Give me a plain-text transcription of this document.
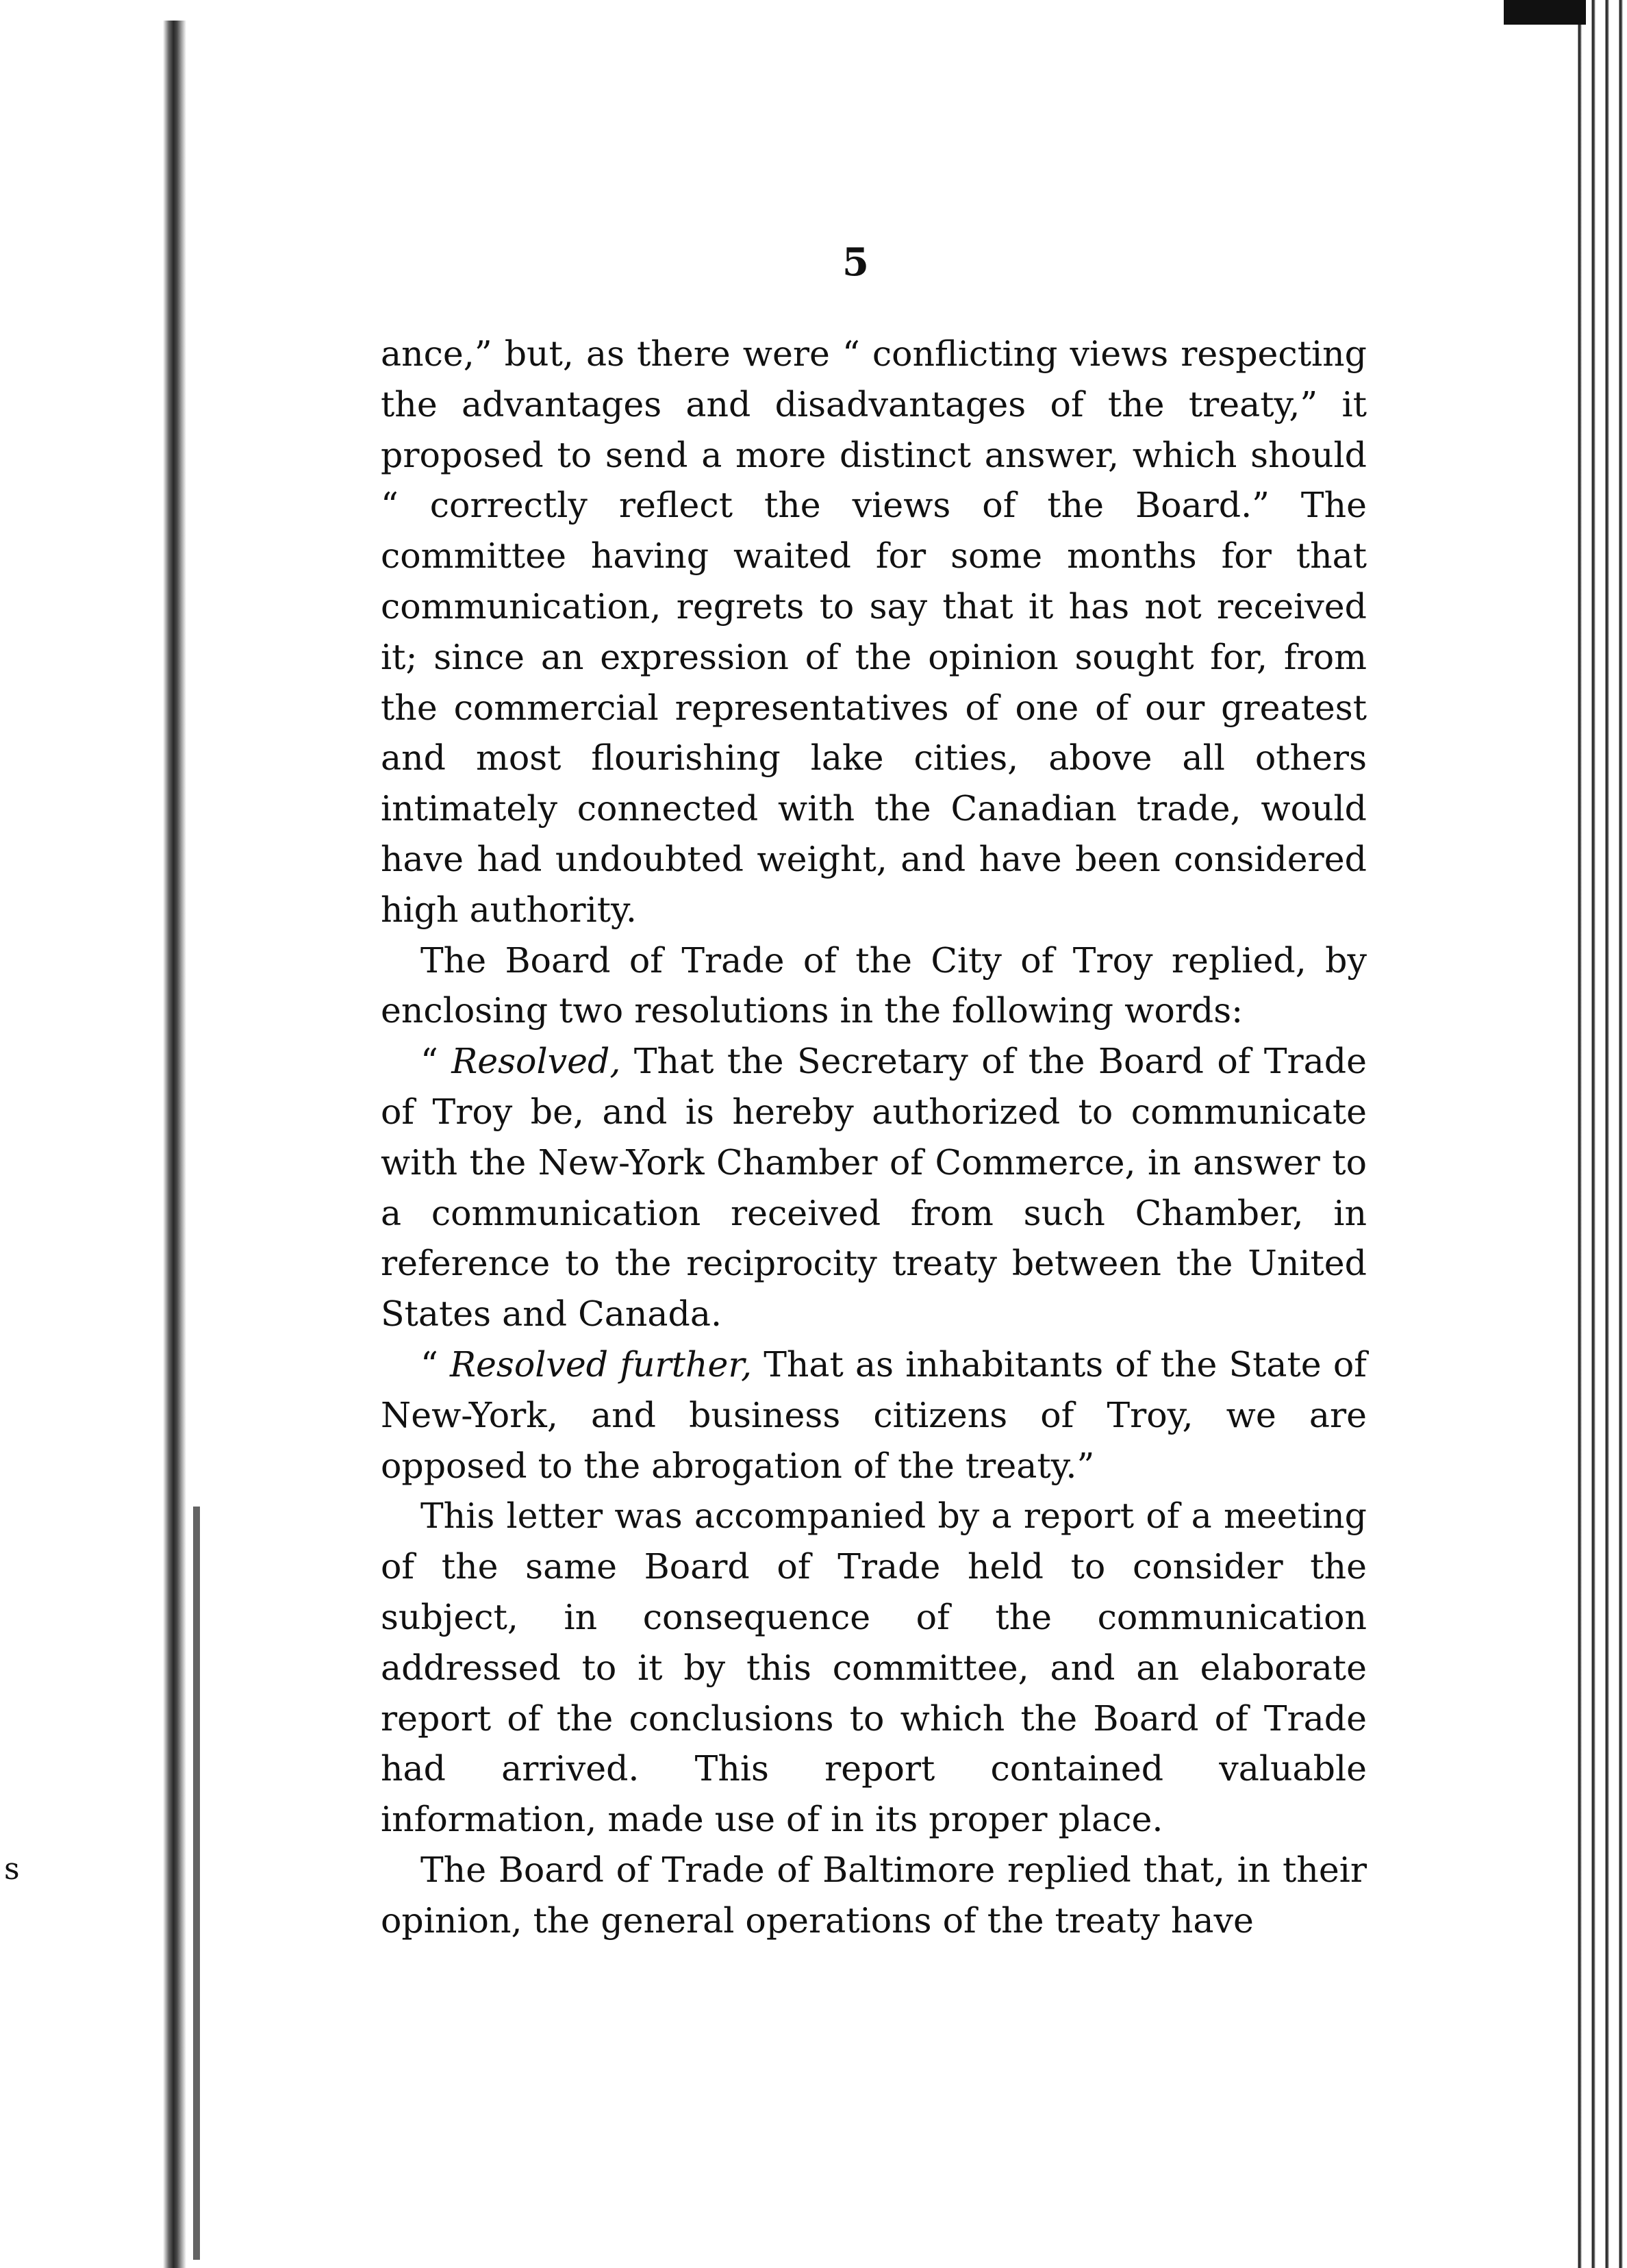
s
5

ance,” but, as there were “ conflicting views respecting the advantages and disadvantages of the treaty,” it proposed to send a more distinct answer, which should “ correctly reflect the views of the Board.” The committee having waited for some months for that communication, regrets to say that it has not received it; since an expression of the opinion sought for, from the commercial representatives of one of our greatest and most flourishing lake cities, above all others intimately connected with the Canadian trade, would have had undoubted weight, and have been considered high authority.

The Board of Trade of the City of Troy replied, by enclosing two resolutions in the following words:

“ Resolved, That the Secretary of the Board of Trade of Troy be, and is hereby authorized to communicate with the New-York Chamber of Commerce, in answer to a communication received from such Chamber, in reference to the reciprocity treaty between the United States and Canada.

“ Resolved further, That as inhabitants of the State of New-York, and business citizens of Troy, we are opposed to the abrogation of the treaty.”

This letter was accompanied by a report of a meeting of the same Board of Trade held to consider the subject, in consequence of the communication addressed to it by this committee, and an elaborate report of the conclusions to which the Board of Trade had arrived. This report contained valuable information, made use of in its proper place.

The Board of Trade of Baltimore replied that, in their opinion, the general operations of the treaty have
